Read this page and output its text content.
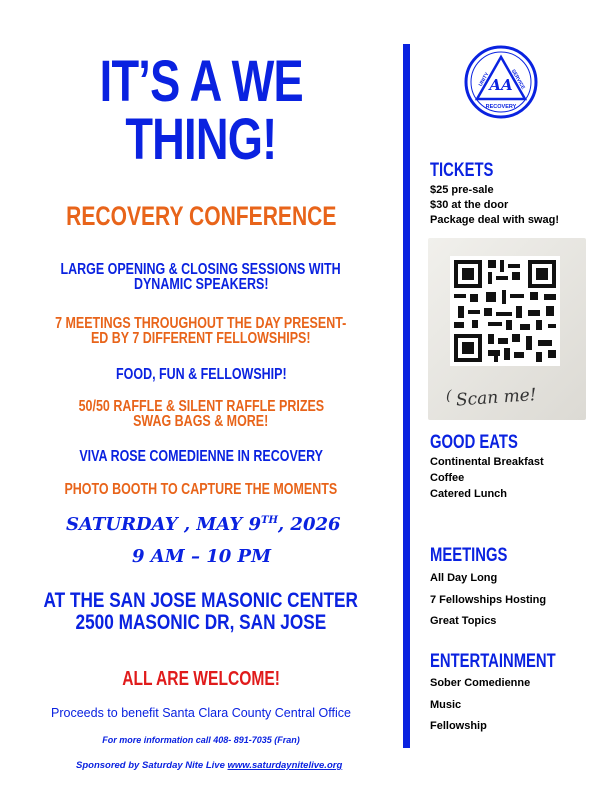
IT’S A WE
THING!
RECOVERY CONFERENCE
LARGE OPENING & CLOSING SESSIONS WITH
DYNAMIC SPEAKERS!
7 MEETINGS THROUGHOUT THE DAY PRESENT-
ED BY 7 DIFFERENT FELLOWSHIPS!
FOOD, FUN & FELLOWSHIP!
50/50 RAFFLE & SILENT RAFFLE PRIZES
SWAG BAGS & MORE!
VIVA ROSE COMEDIENNE IN RECOVERY
PHOTO BOOTH TO CAPTURE THE MOMENTS
SATURDAY , MAY 9TH, 2026
9 AM – 10 PM
AT THE SAN JOSE MASONIC CENTER
2500 MASONIC DR, SAN JOSE
ALL ARE WELCOME!
Proceeds to benefit Santa Clara County Central Office
For more information call 408- 891-7035 (Fran)
Sponsored by Saturday Nite Live www.saturdaynitelive.org
AA
UNITY	SERVICE
RECOVERY
TICKETS
$25 pre-sale
$30 at the door
Package deal with swag!
( Scan me!
GOOD EATS
Continental Breakfast
Coffee
Catered Lunch
MEETINGS
All Day Long
7 Fellowships Hosting
Great Topics
ENTERTAINMENT
Sober Comedienne
Music
Fellowship
